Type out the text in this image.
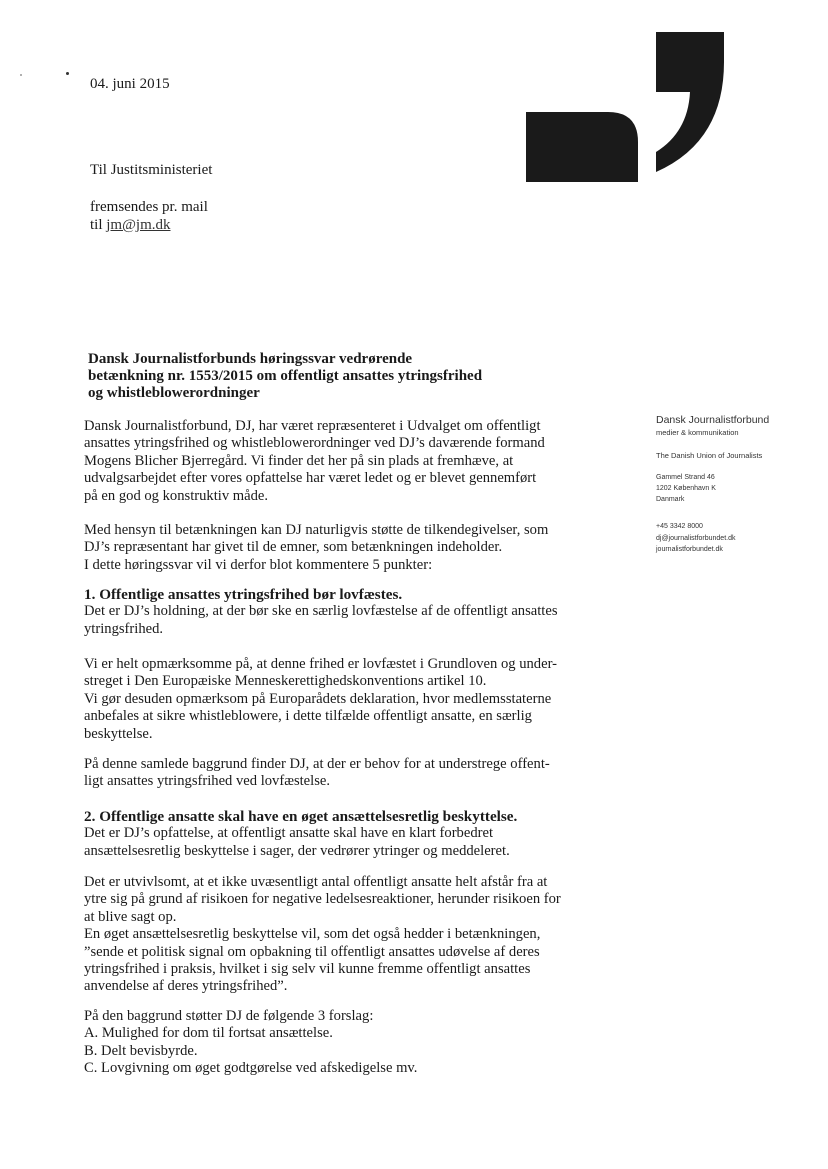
04. juni 2015
Til Justitsministeriet
fremsendes pr. mail
til jm@jm.dk
Dansk Journalistforbunds høringssvar vedrørende
betænkning nr. 1553/2015 om offentligt ansattes ytringsfrihed
og whistleblowerordninger
Dansk Journalistforbund
medier & kommunikation
The Danish Union of Journalists
Gammel Strand 46
1202 København K
Danmark
+45 3342 8000
dj@journalistforbundet.dk
journalistforbundet.dk
Dansk Journalistforbund, DJ, har været repræsenteret i Udvalget om offentligt
ansattes ytringsfrihed og whistleblowerordninger ved DJ’s daværende formand
Mogens Blicher Bjerregård. Vi finder det her på sin plads at fremhæve, at
udvalgsarbejdet efter vores opfattelse har været ledet og er blevet gennemført
på en god og konstruktiv måde.
Med hensyn til betænkningen kan DJ naturligvis støtte de tilkendegivelser, som
DJ’s repræsentant har givet til de emner, som betænkningen indeholder.
I dette høringssvar vil vi derfor blot kommentere 5 punkter:
1. Offentlige ansattes ytringsfrihed bør lovfæstes.
Det er DJ’s holdning, at der bør ske en særlig lovfæstelse af de offentligt ansattes
ytringsfrihed.
Vi er helt opmærksomme på, at denne frihed er lovfæstet i Grundloven og under-
streget i Den Europæiske Menneskerettighedskonventions artikel 10.
Vi gør desuden opmærksom på Europarådets deklaration, hvor medlemsstaterne
anbefales at sikre whistleblowere, i dette tilfælde offentligt ansatte, en særlig
beskyttelse.
På denne samlede baggrund finder DJ, at der er behov for at understrege offent-
ligt ansattes ytringsfrihed ved lovfæstelse.
2. Offentlige ansatte skal have en øget ansættelsesretlig beskyttelse.
Det er DJ’s opfattelse, at offentligt ansatte skal have en klart forbedret
ansættelsesretlig beskyttelse i sager, der vedrører ytringer og meddeleret.
Det er utvivlsomt, at et ikke uvæsentligt antal offentligt ansatte helt afstår fra at
ytre sig på grund af risikoen for negative ledelsesreaktioner, herunder risikoen for
at blive sagt op.
En øget ansættelsesretlig beskyttelse vil, som det også hedder i betænkningen,
”sende et politisk signal om opbakning til offentligt ansattes udøvelse af deres
ytringsfrihed i praksis, hvilket i sig selv vil kunne fremme offentligt ansattes
anvendelse af deres ytringsfrihed”.
På den baggrund støtter DJ de følgende 3 forslag:
A. Mulighed for dom til fortsat ansættelse.
B. Delt bevisbyrde.
C. Lovgivning om øget godtgørelse ved afskedigelse mv.
